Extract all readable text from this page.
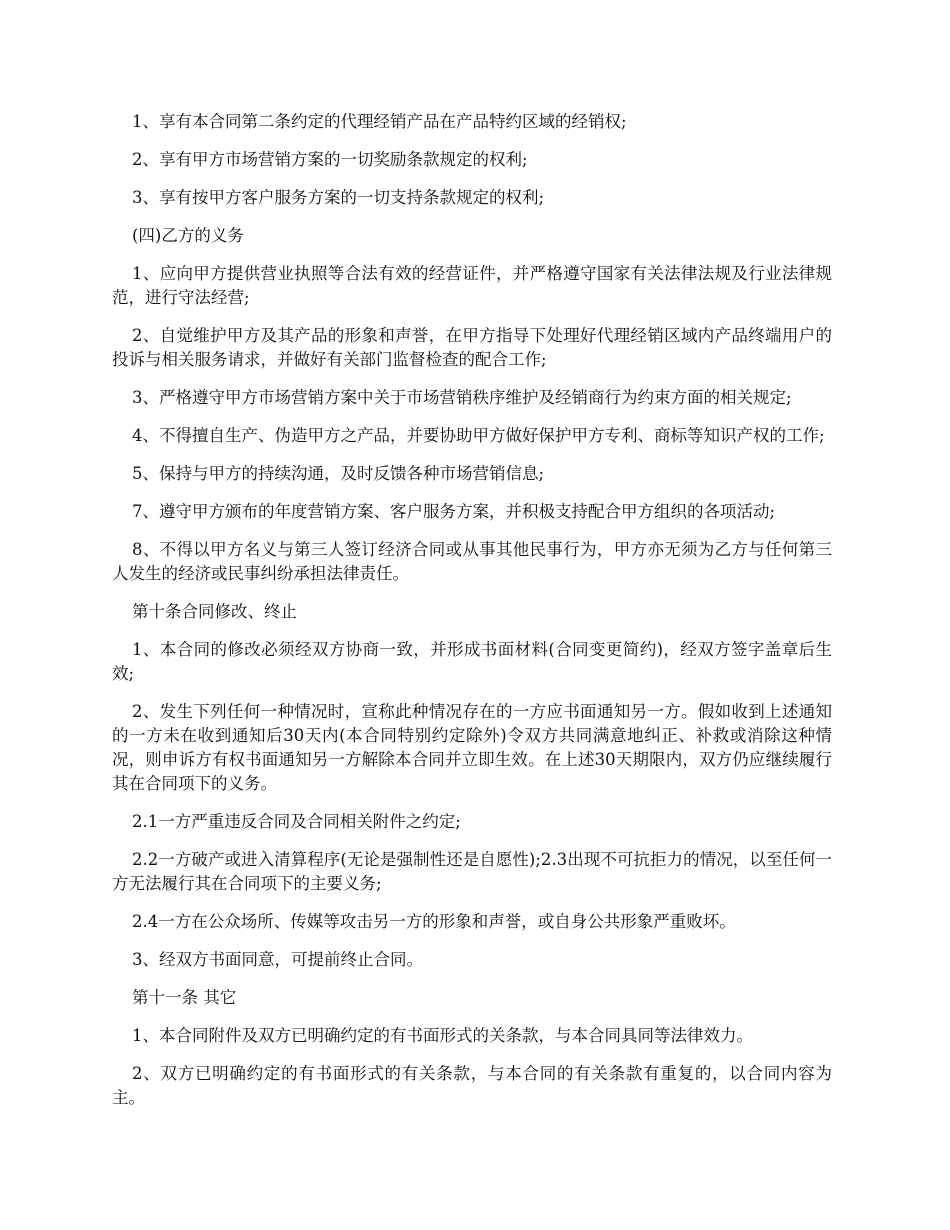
1、享有本合同第二条约定的代理经销产品在产品特约区域的经销权;

2、享有甲方市场营销方案的一切奖励条款规定的权利;

3、享有按甲方客户服务方案的一切支持条款规定的权利;

(四)乙方的义务

1、应向甲方提供营业执照等合法有效的经营证件，并严格遵守国家有关法律法规及行业法律规范，进行守法经营;

2、自觉维护甲方及其产品的形象和声誉，在甲方指导下处理好代理经销区域内产品终端用户的投诉与相关服务请求，并做好有关部门监督检查的配合工作;

3、严格遵守甲方市场营销方案中关于市场营销秩序维护及经销商行为约束方面的相关规定;

4、不得擅自生产、伪造甲方之产品，并要协助甲方做好保护甲方专利、商标等知识产权的工作;

5、保持与甲方的持续沟通，及时反馈各种市场营销信息;

7、遵守甲方颁布的年度营销方案、客户服务方案，并积极支持配合甲方组织的各项活动;

8、不得以甲方名义与第三人签订经济合同或从事其他民事行为，甲方亦无须为乙方与任何第三人发生的经济或民事纠纷承担法律责任。

第十条合同修改、终止

1、本合同的修改必须经双方协商一致，并形成书面材料(合同变更简约)，经双方签字盖章后生效;

2、发生下列任何一种情况时，宣称此种情况存在的一方应书面通知另一方。假如收到上述通知的一方未在收到通知后30天内(本合同特别约定除外)令双方共同满意地纠正、补救或消除这种情况，则申诉方有权书面通知另一方解除本合同并立即生效。在上述30天期限内，双方仍应继续履行其在合同项下的义务。

2.1一方严重违反合同及合同相关附件之约定;

2.2一方破产或进入清算程序(无论是强制性还是自愿性);2.3出现不可抗拒力的情况，以至任何一方无法履行其在合同项下的主要义务;

2.4一方在公众场所、传媒等攻击另一方的形象和声誉，或自身公共形象严重败坏。

3、经双方书面同意，可提前终止合同。

第十一条 其它

1、本合同附件及双方已明确约定的有书面形式的关条款，与本合同具同等法律效力。

2、双方已明确约定的有书面形式的有关条款，与本合同的有关条款有重复的，以合同内容为主。
